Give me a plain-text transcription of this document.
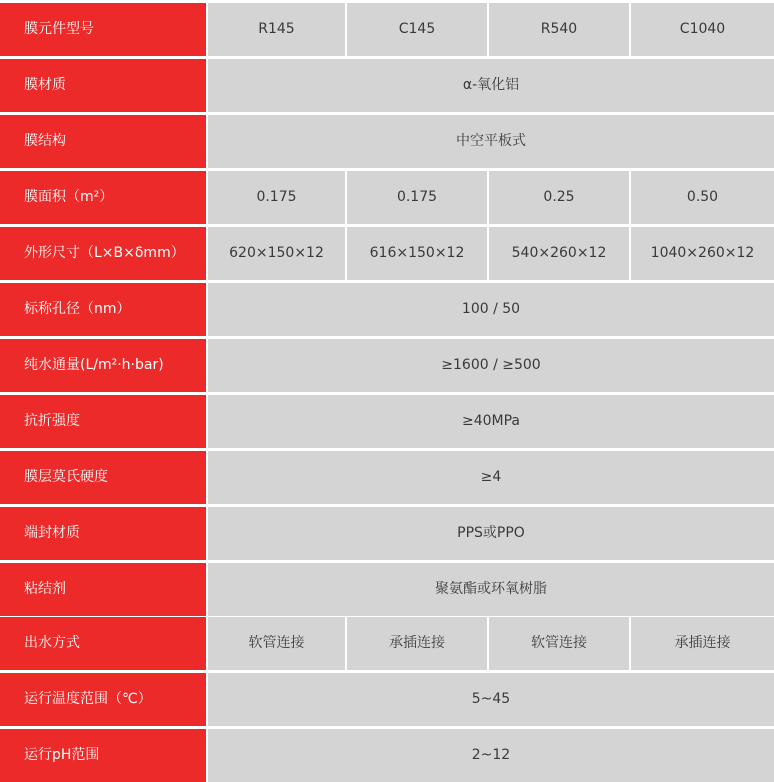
膜元件型号	R145	C145	R540	C1040
膜材质	α-氧化铝
膜结构	中空平板式
膜面积（m²）	0.175	0.175	0.25	0.50
外形尺寸（L×B×δmm）	620×150×12	616×150×12	540×260×12	1040×260×12
标称孔径（nm）	100 / 50
纯水通量(L/m²·h·bar)	≥1600 / ≥500
抗折强度	≥40MPa
膜层莫氏硬度	≥4
端封材质	PPS或PPO
粘结剂	聚氨酯或环氧树脂
出水方式	软管连接	承插连接	软管连接	承插连接
运行温度范围（℃）	5~45
运行pH范围	2~12
